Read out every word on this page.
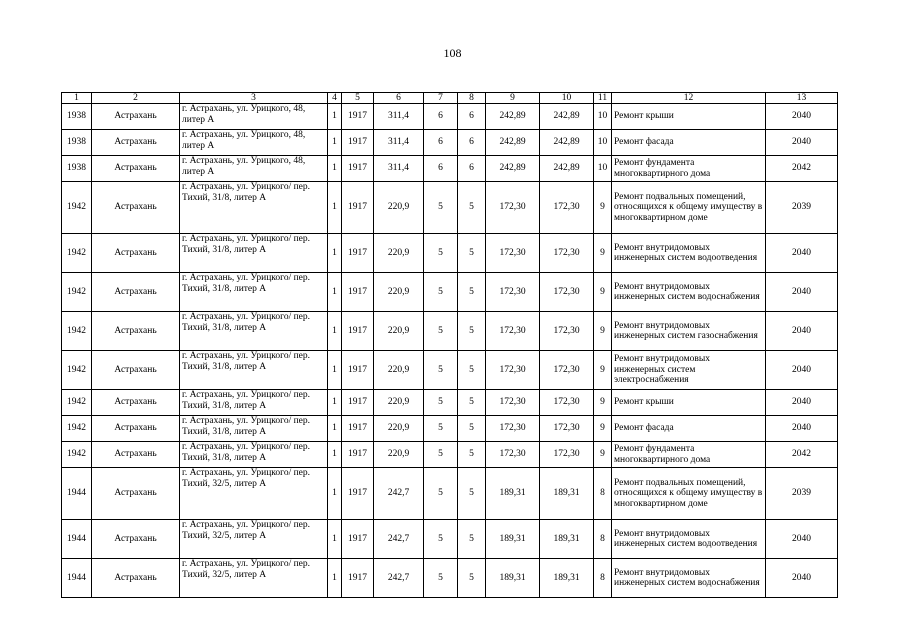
108
1	2	3	4	5	6	7	8	9	10	11	12	13
1938	Астрахань	г. Астрахань, ул. Урицкого, 48, литер А	1	1917	311,4	6	6	242,89	242,89	10	Ремонт крыши	2040
1938	Астрахань	г. Астрахань, ул. Урицкого, 48, литер А	1	1917	311,4	6	6	242,89	242,89	10	Ремонт фасада	2040
1938	Астрахань	г. Астрахань, ул. Урицкого, 48, литер А	1	1917	311,4	6	6	242,89	242,89	10	Ремонт фундамента многоквартирного дома	2042
1942	Астрахань	г. Астрахань, ул. Урицкого/ пер. Тихий, 31/8, литер А	1	1917	220,9	5	5	172,30	172,30	9	Ремонт подвальных помещений, относящихся к общему имуществу в многоквартирном доме	2039
1942	Астрахань	г. Астрахань, ул. Урицкого/ пер. Тихий, 31/8, литер А	1	1917	220,9	5	5	172,30	172,30	9	Ремонт внутридомовых инженерных систем водоотведения	2040
1942	Астрахань	г. Астрахань, ул. Урицкого/ пер. Тихий, 31/8, литер А	1	1917	220,9	5	5	172,30	172,30	9	Ремонт внутридомовых инженерных систем водоснабжения	2040
1942	Астрахань	г. Астрахань, ул. Урицкого/ пер. Тихий, 31/8, литер А	1	1917	220,9	5	5	172,30	172,30	9	Ремонт внутридомовых инженерных систем газоснабжения	2040
1942	Астрахань	г. Астрахань, ул. Урицкого/ пер. Тихий, 31/8, литер А	1	1917	220,9	5	5	172,30	172,30	9	Ремонт внутридомовых инженерных систем электроснабжения	2040
1942	Астрахань	г. Астрахань, ул. Урицкого/ пер. Тихий, 31/8, литер А	1	1917	220,9	5	5	172,30	172,30	9	Ремонт крыши	2040
1942	Астрахань	г. Астрахань, ул. Урицкого/ пер. Тихий, 31/8, литер А	1	1917	220,9	5	5	172,30	172,30	9	Ремонт фасада	2040
1942	Астрахань	г. Астрахань, ул. Урицкого/ пер. Тихий, 31/8, литер А	1	1917	220,9	5	5	172,30	172,30	9	Ремонт фундамента многоквартирного дома	2042
1944	Астрахань	г. Астрахань, ул. Урицкого/ пер. Тихий, 32/5, литер А	1	1917	242,7	5	5	189,31	189,31	8	Ремонт подвальных помещений, относящихся к общему имуществу в многоквартирном доме	2039
1944	Астрахань	г. Астрахань, ул. Урицкого/ пер. Тихий, 32/5, литер А	1	1917	242,7	5	5	189,31	189,31	8	Ремонт внутридомовых инженерных систем водоотведения	2040
1944	Астрахань	г. Астрахань, ул. Урицкого/ пер. Тихий, 32/5, литер А	1	1917	242,7	5	5	189,31	189,31	8	Ремонт внутридомовых инженерных систем водоснабжения	2040
